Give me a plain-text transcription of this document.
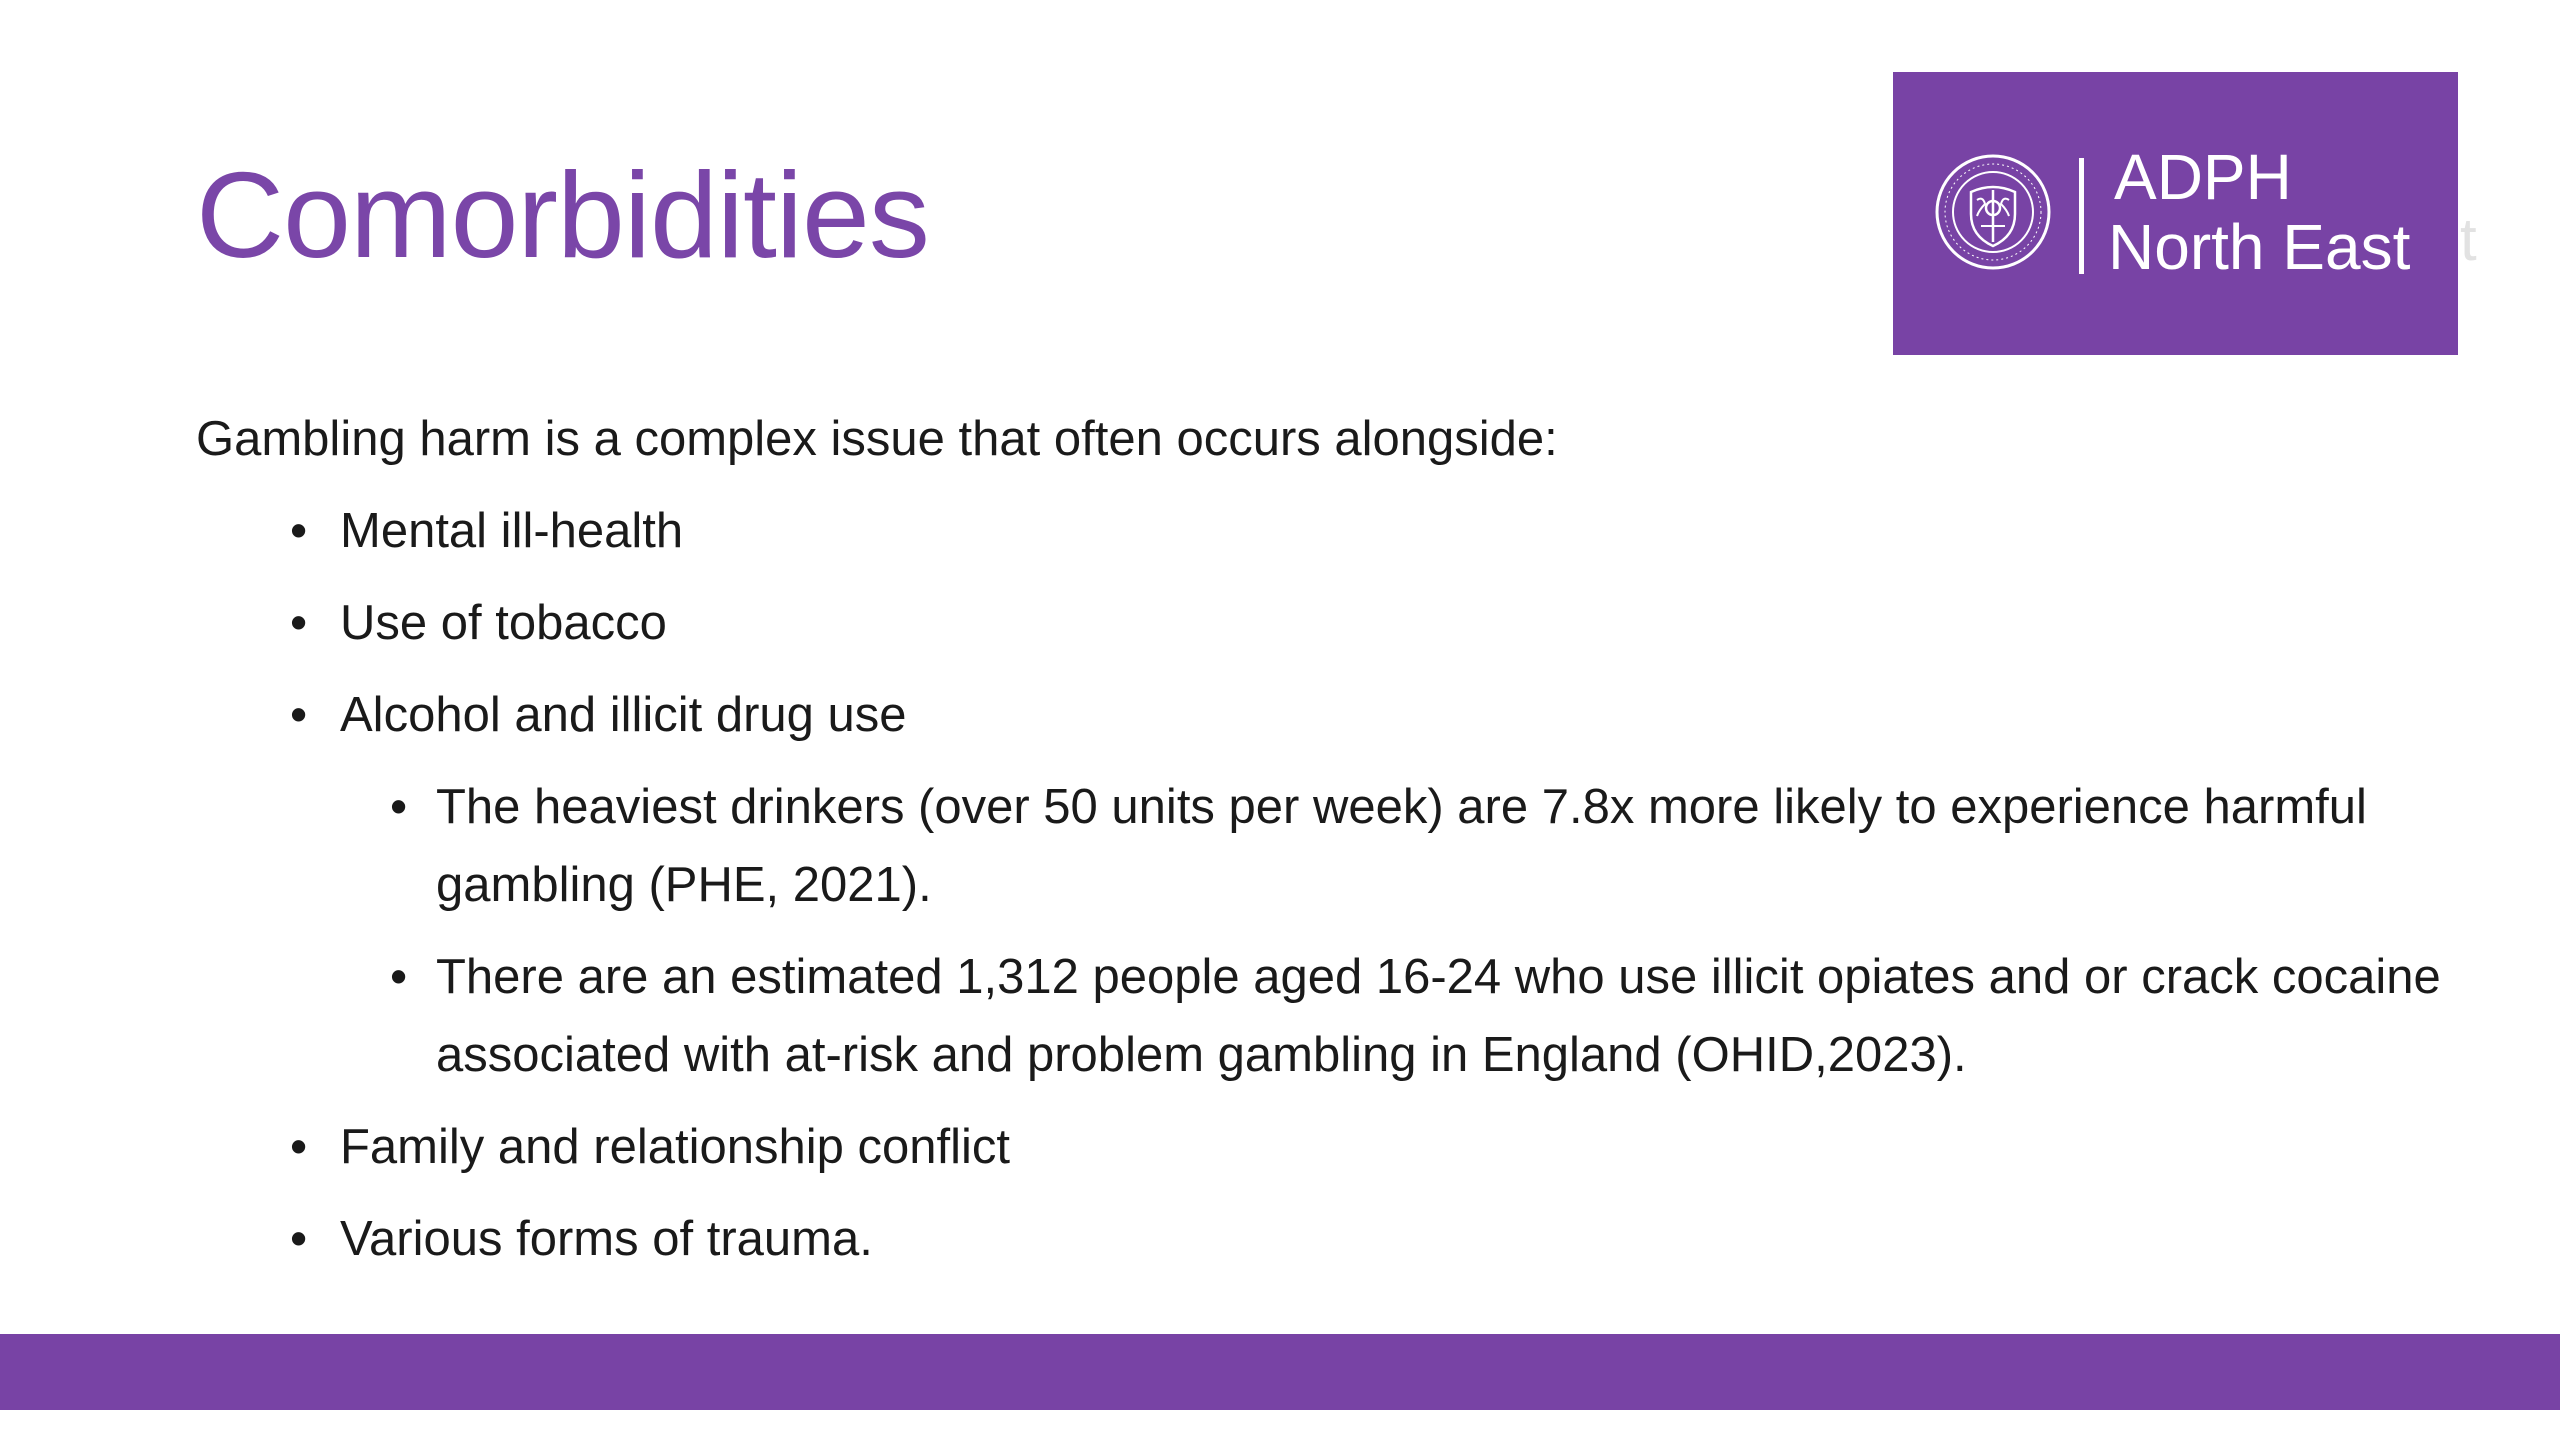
Comorbidities	ADPH
North East t

Gambling harm is a complex issue that often occurs alongside:

• Mental ill-health
• Use of tobacco
• Alcohol and illicit drug use
• The heaviest drinkers (over 50 units per week) are 7.8x more likely to experience harmful gambling (PHE, 2021).
• There are an estimated 1,312 people aged 16-24 who use illicit opiates and or crack cocaine associated with at-risk and problem gambling in England (OHID,2023).
• Family and relationship conflict
• Various forms of trauma.
